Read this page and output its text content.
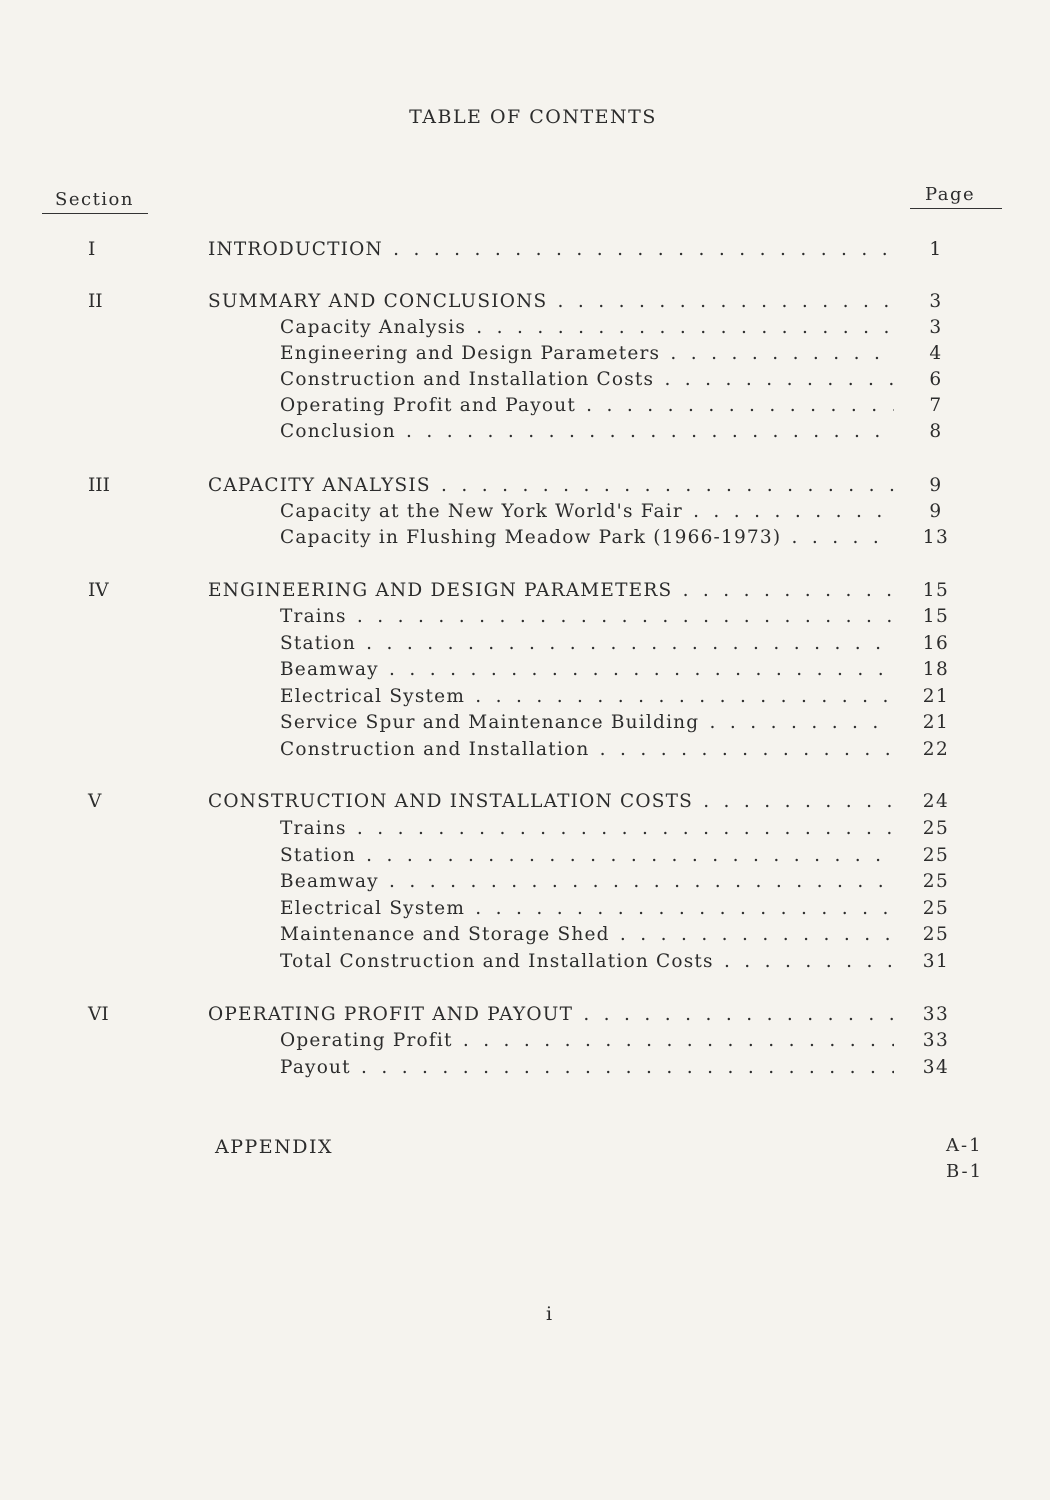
TABLE OF CONTENTS
Section	Page
I	INTRODUCTION . . .	1
II	SUMMARY AND CONCLUSIONS . . .	3
Capacity Analysis . . .	3
Engineering and Design Parameters . . .	4
Construction and Installation Costs . . .	6
Operating Profit and Payout . . .	7
Conclusion . . .	8
III	CAPACITY ANALYSIS . . .	9
Capacity at the New York World's Fair . . .	9
Capacity in Flushing Meadow Park (1966-1973) . . .	13
IV	ENGINEERING AND DESIGN PARAMETERS . . .	15
Trains . . .	15
Station . . .	16
Beamway . . .	18
Electrical System . . .	21
Service Spur and Maintenance Building . . .	21
Construction and Installation . . .	22
V	CONSTRUCTION AND INSTALLATION COSTS . . .	24
Trains . . .	25
Station . . .	25
Beamway . . .	25
Electrical System . . .	25
Maintenance and Storage Shed . . .	25
Total Construction and Installation Costs . . .	31
VI	OPERATING PROFIT AND PAYOUT . . .	33
Operating Profit . . .	33
Payout . . .	34
APPENDIX	A-1
B-1
i
